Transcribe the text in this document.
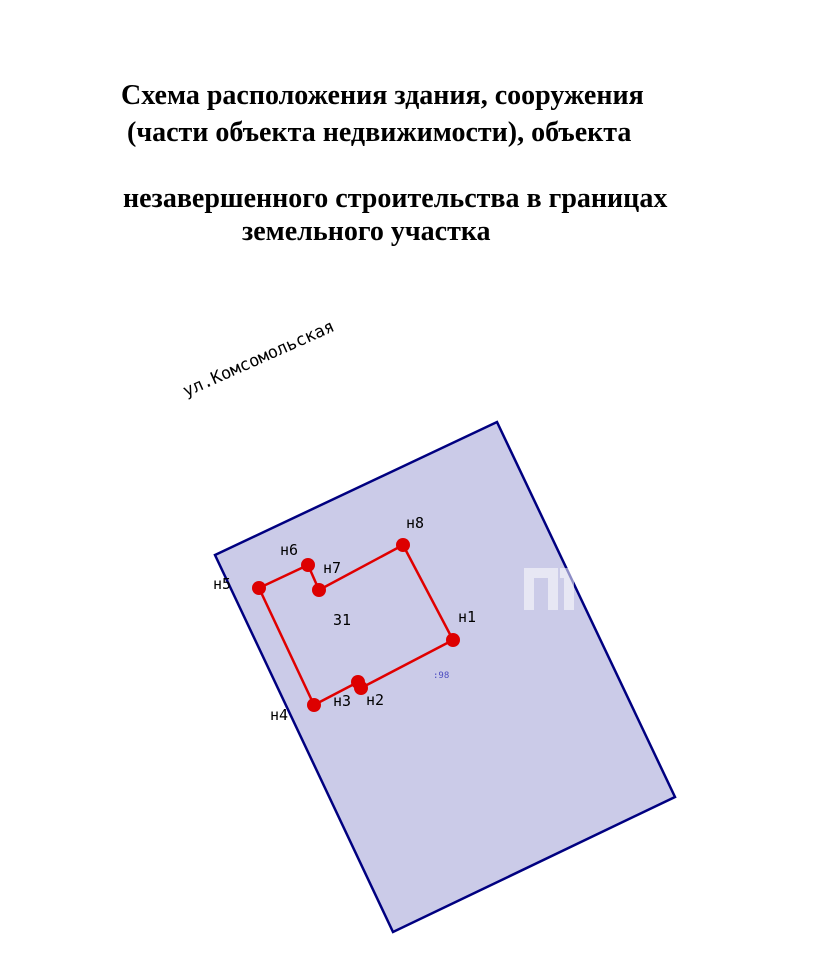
Схема расположения здания, сооружения

(части объекта недвижимости), объекта

незавершенного строительства в границах

земельного участка

ул.Комсомольская
31
:98
н1
н2
н3
н4
н5
н6
н7
н8
